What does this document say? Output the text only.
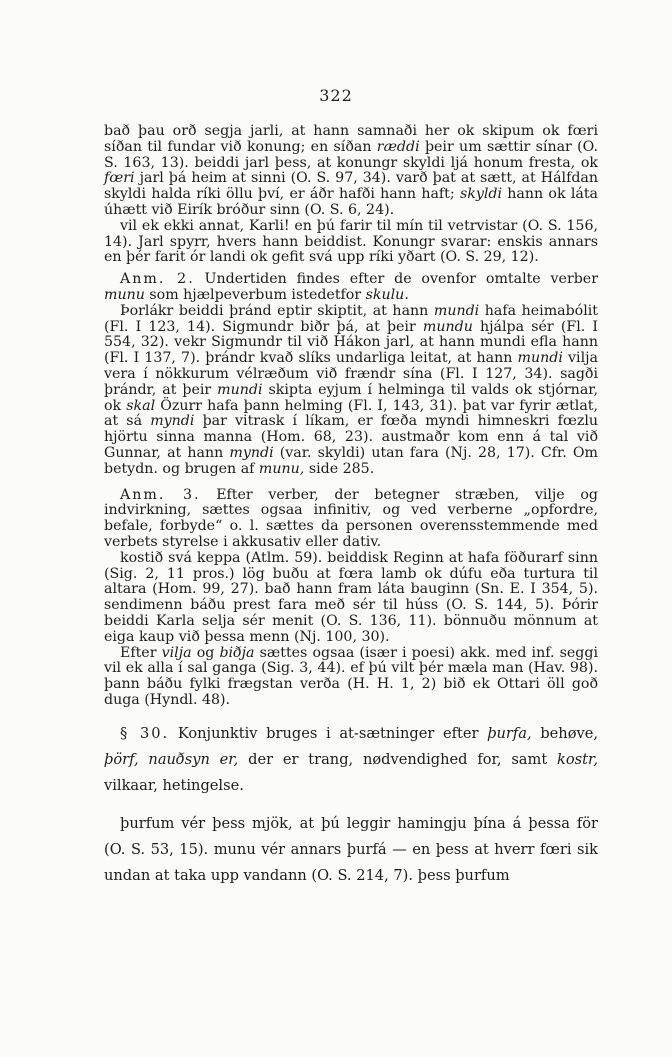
322

bað þau orð segja jarli, at hann samnaði her ok skipum ok fœri síðan til fundar við konung; en síðan ræddi þeir um sættir sínar (O. S. 163, 13). beiddi jarl þess, at konungr skyldi ljá honum fresta, ok fœri jarl þá heim at sinni (O. S. 97, 34). varð þat at sætt, at Hálfdan skyldi halda ríki öllu því, er áðr hafði hann haft; skyldi hann ok láta úhætt við Eirík bróður sinn (O. S. 6, 24).

vil ek ekki annat, Karli! en þú farir til mín til vetrvistar (O. S. 156, 14). Jarl spyrr, hvers hann beiddist. Konungr svarar: enskis annars en þér farit ór landi ok gefit svá upp ríki yðart (O. S. 29, 12).

Anm. 2. Undertiden findes efter de ovenfor omtalte verber munu som hjælpeverbum istedetfor skulu.

Þorlákr beiddi þránd eptir skiptit, at hann mundi hafa heimabólit (Fl. I 123, 14). Sigmundr biðr þá, at þeir mundu hjálpa sér (Fl. I 554, 32). vekr Sigmundr til við Hákon jarl, at hann mundi efla hann (Fl. I 137, 7). þrándr kvað slíks undarliga leitat, at hann mundi vilja vera í nökkurum vélræðum við frændr sína (Fl. I 127, 34). sagði þrándr, at þeir mundi skipta eyjum í helminga til valds ok stjórnar, ok skal Özurr hafa þann helming (Fl. I, 143, 31). þat var fyrir ætlat, at sá myndi þar vitrask í líkam, er fœða myndi himneskri fœzlu hjörtu sinna manna (Hom. 68, 23). austmaðr kom enn á tal við Gunnar, at hann myndi (var. skyldi) utan fara (Nj. 28, 17). Cfr. Om betydn. og brugen af munu, side 285.

Anm. 3. Efter verber, der betegner stræben, vilje og indvirkning, sættes ogsaa infinitiv, og ved verberne „opfordre, befale, forbyde“ o. l. sættes da personen overensstemmende med verbets styrelse i akkusativ eller dativ.

kostið svá keppa (Atlm. 59). beiddisk Reginn at hafa föðurarf sinn (Sig. 2, 11 pros.) lög buðu at fœra lamb ok dúfu eða turtura til altara (Hom. 99, 27). bað hann fram láta bauginn (Sn. E. I 354, 5). sendimenn báðu prest fara með sér til húss (O. S. 144, 5). Þórir beiddi Karla selja sér menit (O. S. 136, 11). bönnuðu mönnum at eiga kaup við þessa menn (Nj. 100, 30).

Efter vilja og biðja sættes ogsaa (især i poesi) akk. med inf. seggi vil ek alla í sal ganga (Sig. 3, 44). ef þú vilt þér mæla man (Hav. 98). þann báðu fylki frægstan verða (H. H. 1, 2) bið ek Ottari öll goð duga (Hyndl. 48).

§ 30. Konjunktiv bruges i at-sætninger efter þurfa, behøve, þörf, nauðsyn er, der er trang, nødvendighed for, samt kostr, vilkaar, hetingelse.

þurfum vér þess mjök, at þú leggir hamingju þína á þessa för (O. S. 53, 15). munu vér annars þurfá — en þess at hverr fœri sik undan at taka upp vandann (O. S. 214, 7). þess þurfum
